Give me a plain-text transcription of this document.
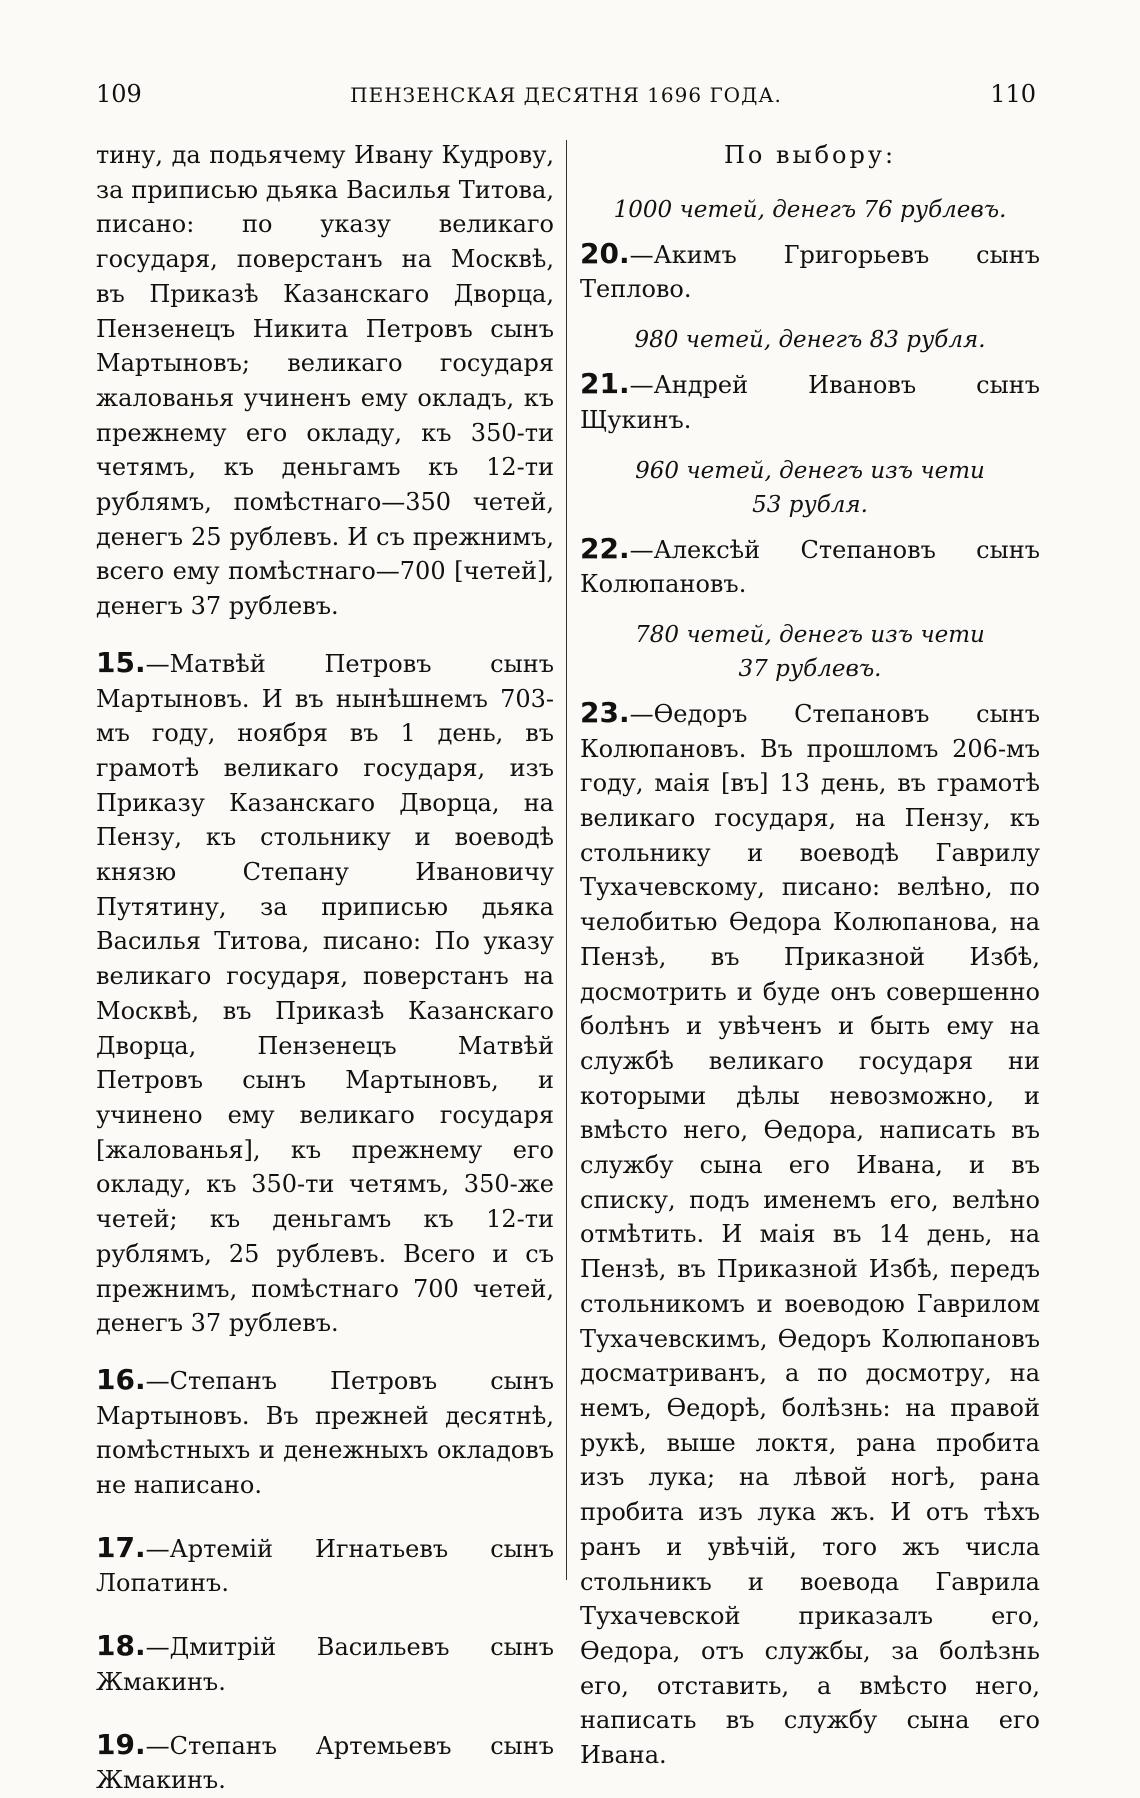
109	ПЕНЗЕНСКАЯ ДЕСЯТНЯ 1696 ГОДА.	110

тину, да подьячему Ивану Кудрову, за приписью дьяка Василья Титова, писано: по указу великаго государя, поверстанъ на Москвѣ, въ Приказѣ Казанскаго Дворца, Пензенецъ Никита Петровъ сынъ Мартыновъ; великаго государя жалованья учиненъ ему окладъ, къ прежнему его окладу, къ 350-ти четямъ, къ деньгамъ къ 12-ти рублямъ, помѣстнаго—350 четей, денегъ 25 рублевъ. И съ прежнимъ, всего ему помѣстнаго—700 [четей], денегъ 37 рублевъ.

15.—Матвѣй Петровъ сынъ Мартыновъ. И въ нынѣшнемъ 703-мъ году, ноября въ 1 день, въ грамотѣ великаго государя, изъ Приказу Казанскаго Дворца, на Пензу, къ стольнику и воеводѣ князю Степану Ивановичу Путятину, за приписью дьяка Василья Титова, писано: По указу великаго государя, поверстанъ на Москвѣ, въ Приказѣ Казанскаго Дворца, Пензенецъ Матвѣй Петровъ сынъ Мартыновъ, и учинено ему великаго государя [жалованья], къ прежнему его окладу, къ 350-ти четямъ, 350-же четей; къ деньгамъ къ 12-ти рублямъ, 25 рублевъ. Всего и съ прежнимъ, помѣстнаго 700 четей, денегъ 37 рублевъ.

16.—Степанъ Петровъ сынъ Мартыновъ. Въ прежней десятнѣ, помѣстныхъ и денежныхъ окладовъ не написано.

17.—Артемій Игнатьевъ сынъ Лопатинъ.

18.—Дмитрій Васильевъ сынъ Жмакинъ.

19.—Степанъ Артемьевъ сынъ Жмакинъ.

По выбору:

1000 четей, денегъ 76 рублевъ.

20.—Акимъ Григорьевъ сынъ Теплово.

980 четей, денегъ 83 рубля.

21.—Андрей Ивановъ сынъ Щукинъ.

960 четей, денегъ изъ чети

53 рубля.

22.—Алексѣй Степановъ сынъ Колюпановъ.

780 четей, денегъ изъ чети

37 рублевъ.

23.—Ѳедоръ Степановъ сынъ Колюпановъ. Въ прошломъ 206-мъ году, маія [въ] 13 день, въ грамотѣ великаго государя, на Пензу, къ стольнику и воеводѣ Гаврилу Тухачевскому, писано: велѣно, по челобитью Ѳедора Колюпанова, на Пензѣ, въ Приказной Избѣ, досмотрить и буде онъ совершенно болѣнъ и увѣченъ и быть ему на службѣ великаго государя ни которыми дѣлы невозможно, и вмѣсто него, Ѳедора, написать въ службу сына его Ивана, и въ списку, подъ именемъ его, велѣно отмѣтить. И маія въ 14 день, на Пензѣ, въ Приказной Избѣ, передъ стольникомъ и воеводою Гаврилом Тухачевскимъ, Ѳедоръ Колюпановъ досматриванъ, а по досмотру, на немъ, Ѳедорѣ, болѣзнь: на правой рукѣ, выше локтя, рана пробита изъ лука; на лѣвой ногѣ, рана пробита изъ лука жъ. И отъ тѣхъ ранъ и увѣчій, того жъ числа стольникъ и воевода Гаврила Тухачевской приказалъ его, Ѳедора, отъ службы, за болѣзнь его, отставить, а вмѣсто него, написать въ службу сына его Ивана.
